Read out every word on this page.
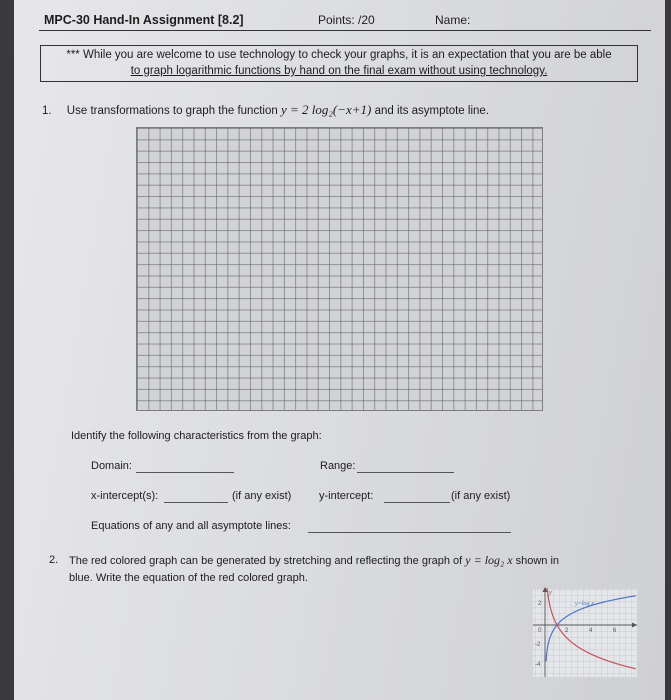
MPC-30 Hand-In Assignment [8.2]	Points: /20	Name:
*** While you are welcome to use technology to check your graphs, it is an expectation that you are be able
to graph logarithmic functions by hand on the final exam without using technology.
1. Use transformations to graph the function y = 2 log₂(−x+1) and its asymptote line.
Identify the following characteristics from the graph:
Domain:	Range:
x-intercept(s):	(if any exist)	y-intercept:	(if any exist)
Equations of any and all asymptote lines:
2. The red colored graph can be generated by stretching and reflecting the graph of y = log₂ x shown in
blue. Write the equation of the red colored graph.
y
0	2	4	6
2
-2
-4
y=log₂x
